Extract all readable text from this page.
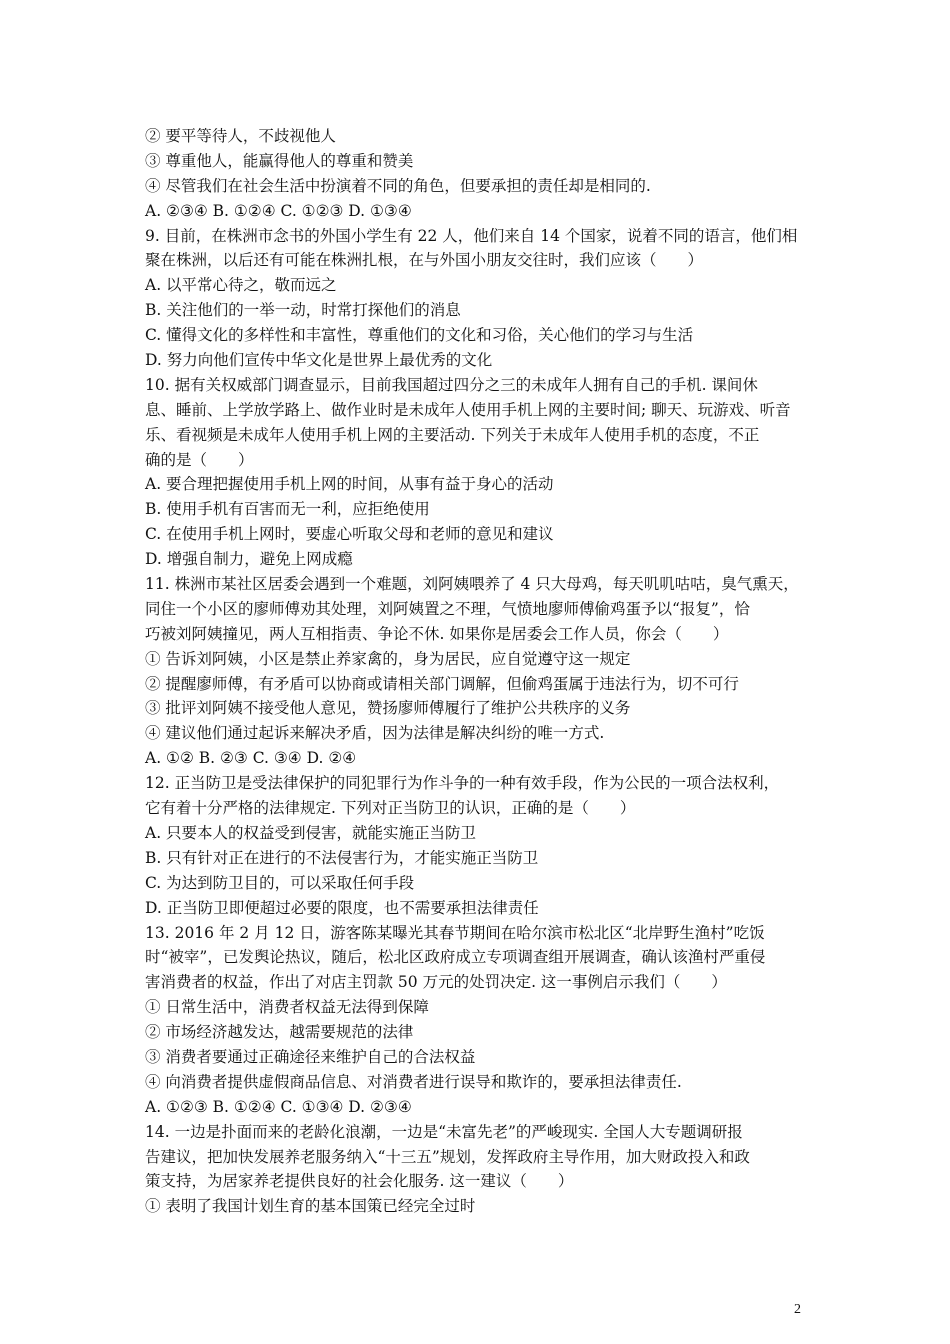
② 要平等待人，不歧视他人
③ 尊重他人，能赢得他人的尊重和赞美
④ 尽管我们在社会生活中扮演着不同的角色，但要承担的责任却是相同的.
A. ②③④ B. ①②④ C. ①②③ D. ①③④
9. 目前，在株洲市念书的外国小学生有 22 人，他们来自 14 个国家，说着不同的语言，他们相
聚在株洲，以后还有可能在株洲扎根，在与外国小朋友交往时，我们应该（　　）
A. 以平常心待之，敬而远之
B. 关注他们的一举一动，时常打探他们的消息
C. 懂得文化的多样性和丰富性，尊重他们的文化和习俗，关心他们的学习与生活
D. 努力向他们宣传中华文化是世界上最优秀的文化
10. 据有关权威部门调查显示，目前我国超过四分之三的未成年人拥有自己的手机. 课间休
息、睡前、上学放学路上、做作业时是未成年人使用手机上网的主要时间; 聊天、玩游戏、听音
乐、看视频是未成年人使用手机上网的主要活动. 下列关于未成年人使用手机的态度，不正
确的是（　　）
A. 要合理把握使用手机上网的时间，从事有益于身心的活动
B. 使用手机有百害而无一利，应拒绝使用
C. 在使用手机上网时，要虚心听取父母和老师的意见和建议
D. 增强自制力，避免上网成瘾
11. 株洲市某社区居委会遇到一个难题，刘阿姨喂养了 4 只大母鸡，每天叽叽咕咕，臭气熏天，
同住一个小区的廖师傅劝其处理，刘阿姨置之不理，气愤地廖师傅偷鸡蛋予以“报复”，恰
巧被刘阿姨撞见，两人互相指责、争论不休. 如果你是居委会工作人员，你会（　　）
① 告诉刘阿姨，小区是禁止养家禽的，身为居民，应自觉遵守这一规定
② 提醒廖师傅，有矛盾可以协商或请相关部门调解，但偷鸡蛋属于违法行为，切不可行
③ 批评刘阿姨不接受他人意见，赞扬廖师傅履行了维护公共秩序的义务
④ 建议他们通过起诉来解决矛盾，因为法律是解决纠纷的唯一方式.
A. ①② B. ②③ C. ③④ D. ②④
12. 正当防卫是受法律保护的同犯罪行为作斗争的一种有效手段，作为公民的一项合法权利，
它有着十分严格的法律规定. 下列对正当防卫的认识，正确的是（　　）
A. 只要本人的权益受到侵害，就能实施正当防卫
B. 只有针对正在进行的不法侵害行为，才能实施正当防卫
C. 为达到防卫目的，可以采取任何手段
D. 正当防卫即便超过必要的限度，也不需要承担法律责任
13. 2016 年 2 月 12 日，游客陈某曝光其春节期间在哈尔滨市松北区“北岸野生渔村”吃饭
时“被宰”，已发舆论热议，随后，松北区政府成立专项调查组开展调查，确认该渔村严重侵
害消费者的权益，作出了对店主罚款 50 万元的处罚决定. 这一事例启示我们（　　）
① 日常生活中，消费者权益无法得到保障
② 市场经济越发达，越需要规范的法律
③ 消费者要通过正确途径来维护自己的合法权益
④ 向消费者提供虚假商品信息、对消费者进行误导和欺诈的，要承担法律责任.
A. ①②③ B. ①②④ C. ①③④ D. ②③④
14. 一边是扑面而来的老龄化浪潮，一边是“未富先老”的严峻现实. 全国人大专题调研报
告建议，把加快发展养老服务纳入“十三五”规划，发挥政府主导作用，加大财政投入和政
策支持，为居家养老提供良好的社会化服务. 这一建议（　　）
① 表明了我国计划生育的基本国策已经完全过时
2
